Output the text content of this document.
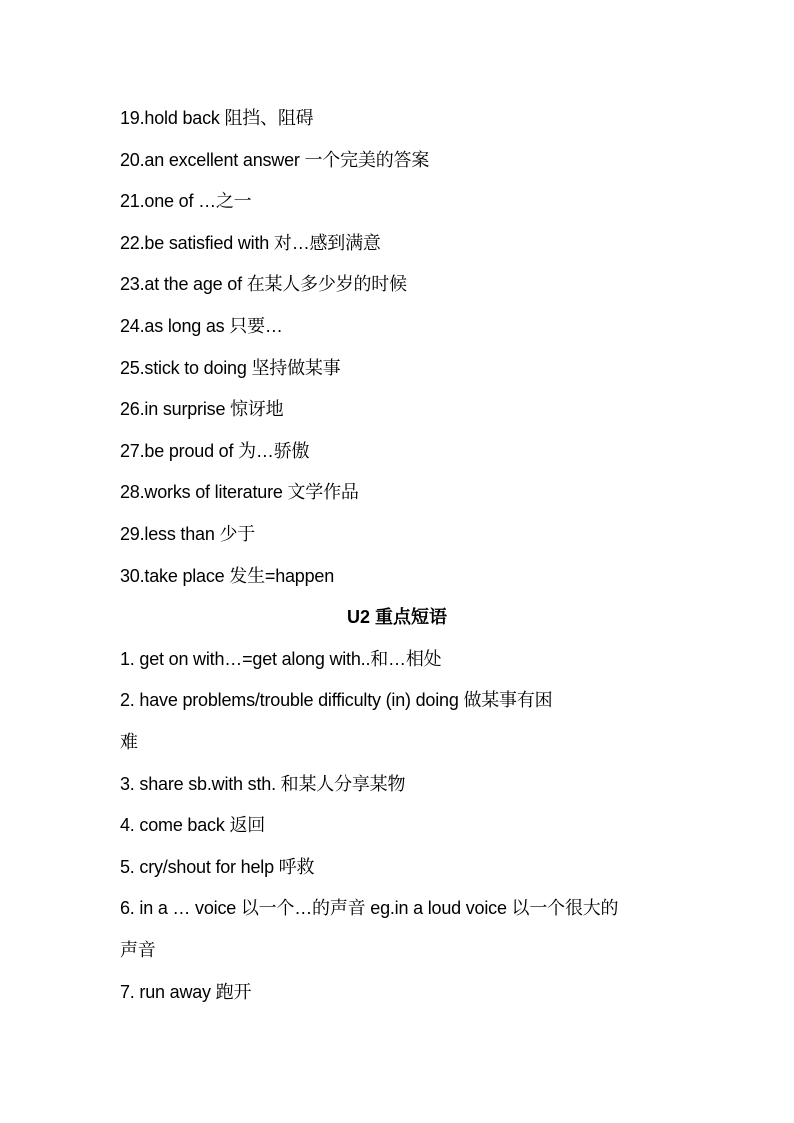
19.hold back 阻挡、阻碍
20.an excellent answer 一个完美的答案
21.one of …之一
22.be satisfied with 对…感到满意
23.at the age of 在某人多少岁的时候
24.as long as 只要…
25.stick to doing 坚持做某事
26.in surprise 惊讶地
27.be proud of 为…骄傲
28.works of literature 文学作品
29.less than 少于
30.take place 发生=happen
U2 重点短语
1. get on with…=get along with..和…相处
2. have problems/trouble difficulty (in) doing 做某事有困
难
3. share sb.with sth. 和某人分享某物
4. come back 返回
5. cry/shout for help 呼救
6. in a … voice 以一个…的声音 eg.in a loud voice 以一个很大的
声音
7. run away 跑开
